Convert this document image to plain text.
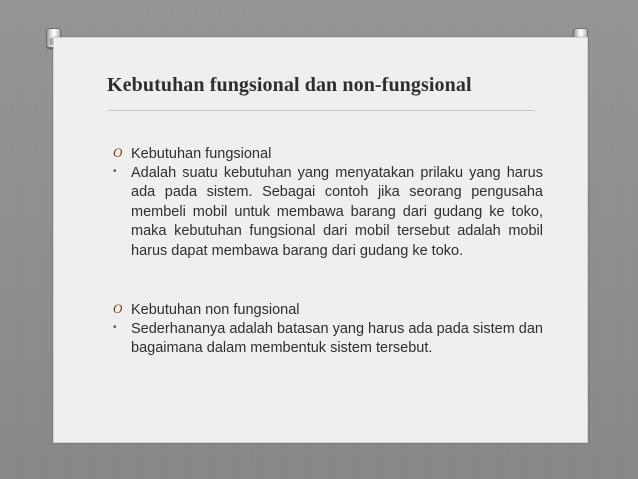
Kebutuhan fungsional dan non-fungsional
O Kebutuhan fungsional
• Adalah suatu kebutuhan yang menyatakan prilaku yang harus ada pada sistem. Sebagai contoh jika seorang pengusaha membeli mobil untuk membawa barang dari gudang ke toko, maka kebutuhan fungsional dari mobil tersebut adalah mobil harus dapat membawa barang dari gudang ke toko.
O Kebutuhan non fungsional
• Sederhananya adalah batasan yang harus ada pada sistem dan bagaimana dalam membentuk sistem tersebut.
